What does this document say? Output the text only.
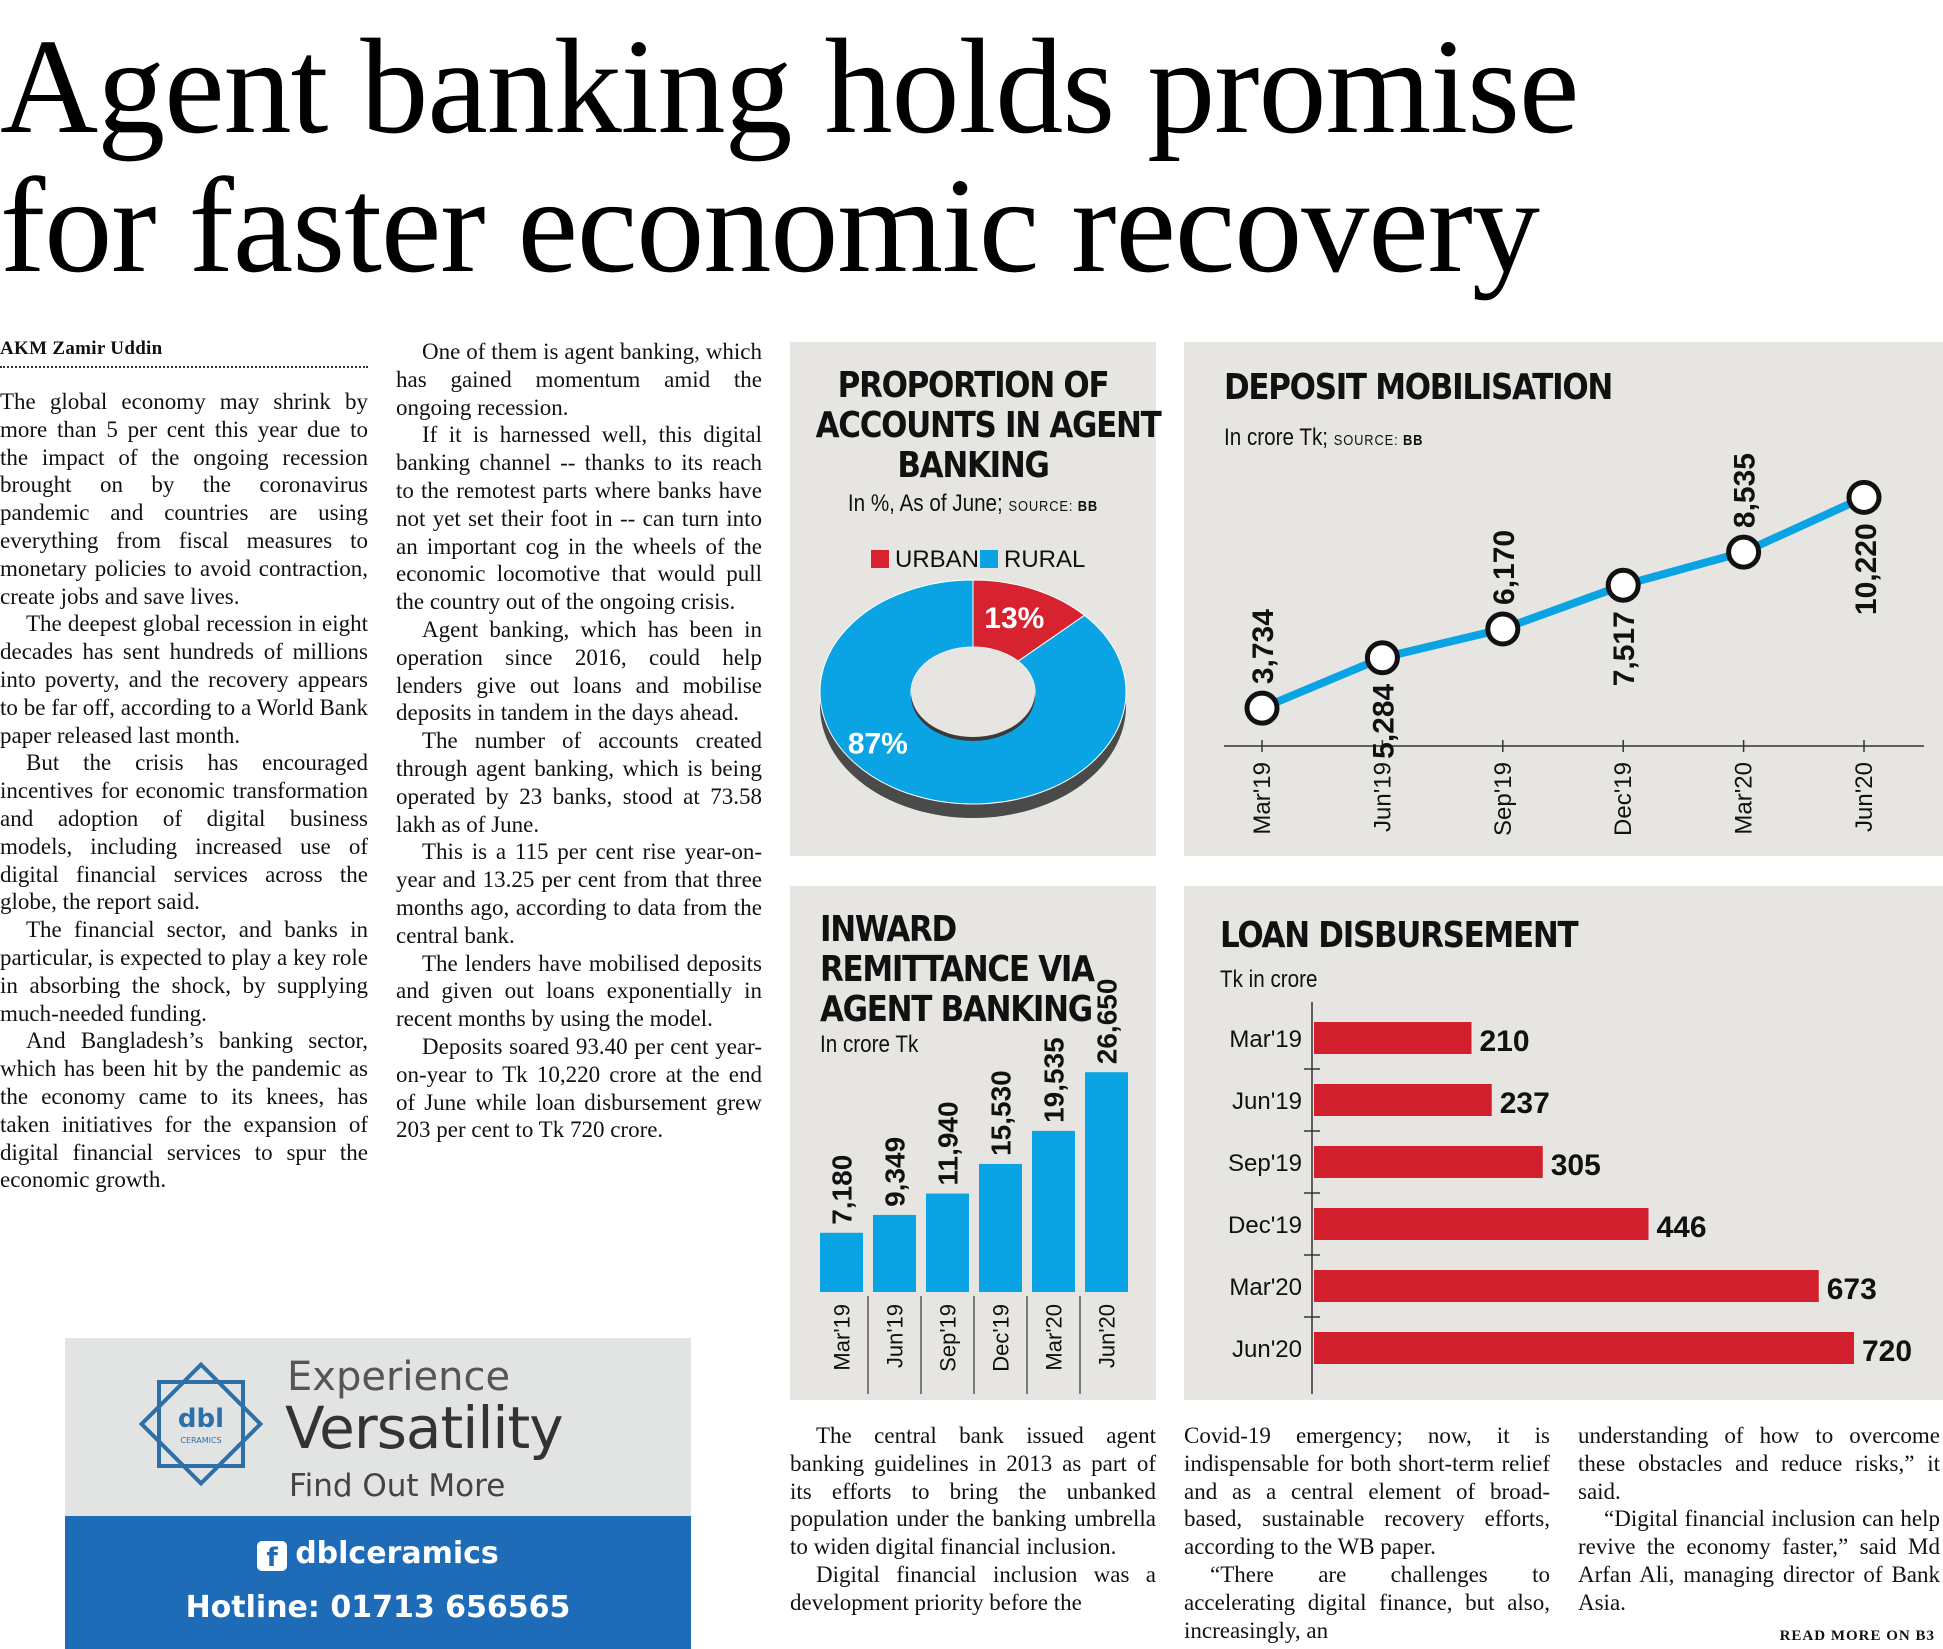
Agent banking holds promise
for faster economic recovery
AKM Zamir Uddin

The global economy may shrink by more than 5 per cent this year due to the impact of the ongoing recession brought on by the coronavirus pandemic and countries are using everything from fiscal measures to monetary policies to avoid contraction, create jobs and save lives.

The deepest global recession in eight decades has sent hundreds of millions into poverty, and the recovery appears to be far off, according to a World Bank paper released last month.

But the crisis has encouraged incentives for economic transformation and adoption of digital business models, including increased use of digital financial services across the globe, the report said.

The financial sector, and banks in particular, is expected to play a key role in absorbing the shock, by supplying much-needed funding.

And Bangladesh’s banking sector, which has been hit by the pandemic as the economy came to its knees, has taken initiatives for the expansion of digital financial services to spur the economic growth.

One of them is agent banking, which has gained momentum amid the ongoing recession.

If it is harnessed well, this digital banking channel -- thanks to its reach to the remotest parts where banks have not yet set their foot in -- can turn into an important cog in the wheels of the economic locomotive that would pull the country out of the ongoing crisis.

Agent banking, which has been in operation since 2016, could help lenders give out loans and mobilise deposits in tandem in the days ahead.

The number of accounts created through agent banking, which is being operated by 23 banks, stood at 73.58 lakh as of June.

This is a 115 per cent rise year-on-year and 13.25 per cent from that three months ago, according to data from the central bank.

The lenders have mobilised deposits and given out loans exponentially in recent months by using the model.

Deposits soared 93.40 per cent year-on-year to Tk 10,220 crore at the end of June while loan disbursement grew 203 per cent to Tk 720 crore.

The central bank issued agent banking guidelines in 2013 as part of its efforts to bring the unbanked population under the banking umbrella to widen digital financial inclusion.

Digital financial inclusion was a development priority before the

Covid-19 emergency; now, it is indispensable for both short-term relief and as a central element of broad-based, sustainable recovery efforts, according to the WB paper.

“There are challenges to accelerating digital finance, but also, increasingly, an

understanding of how to overcome these obstacles and reduce risks,” it said.

“Digital financial inclusion can help revive the economy faster,” said Md Arfan Ali, managing director of Bank Asia.

PROPORTION OF
ACCOUNTS IN AGENT
BANKING
In %, As of June; SOURCE: BB
URBAN RURAL
13%
87%
DEPOSIT MOBILISATION
In crore Tk; SOURCE: BB
Mar'19	Jun'19	Sep'19	Dec'19	Mar'20	Jun'20
3,734
5,284
6,170
7,517
8,535
10,220
INWARD
REMITTANCE VIA
AGENT BANKING
In crore Tk
7,180
Mar'19
9,349
Jun'19
11,940
Sep'19
15,530
Dec'19
19,535
Mar'20
26,650
Jun'20
LOAN DISBURSEMENT
Tk in crore
Mar'19	210
Jun'19	237
Sep'19	305
Dec'19	446
Mar'20	673
Jun'20	720
dbl
CERAMICS
Experience
Versatility
Find Out More
f dblceramics
Hotline: 01713 656565
READ MORE ON B3
